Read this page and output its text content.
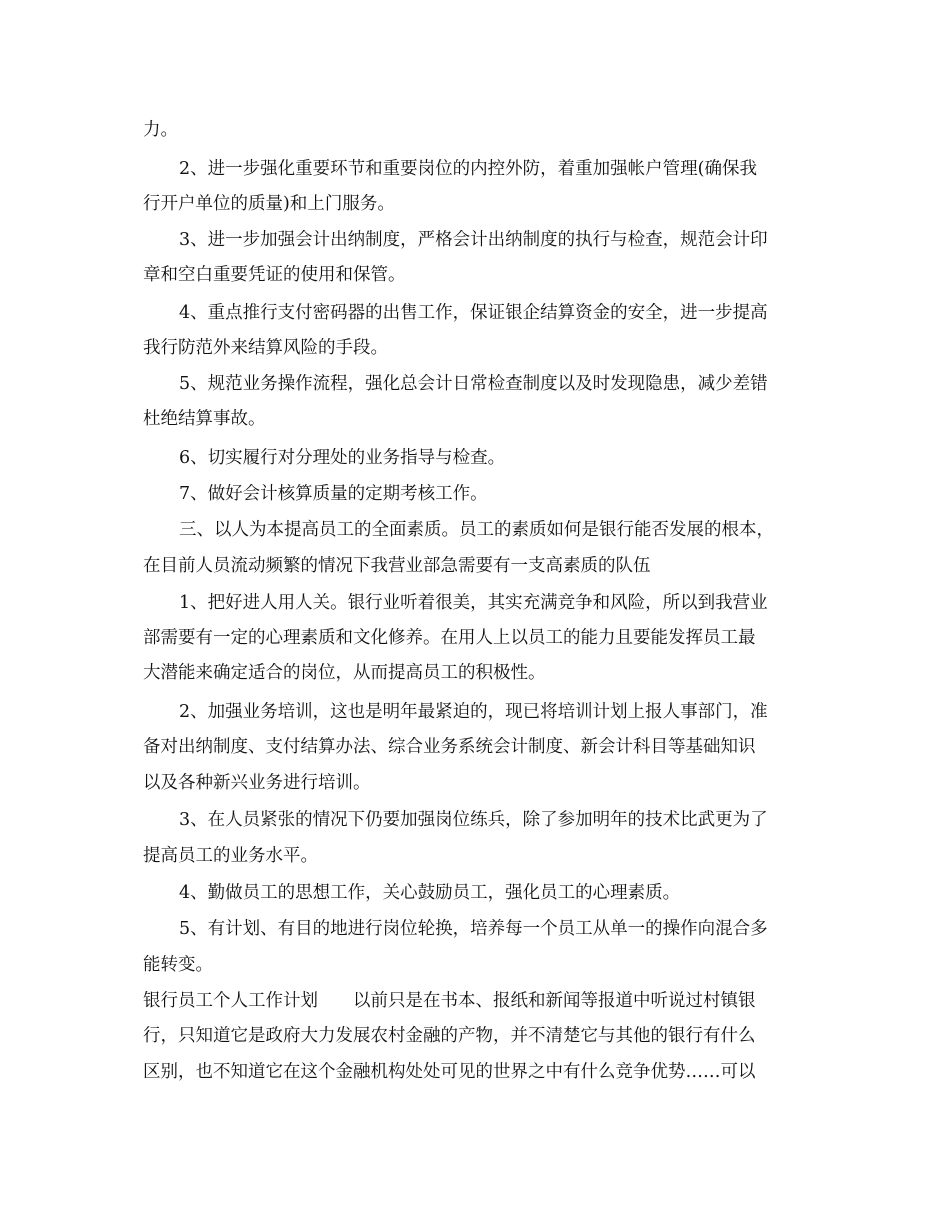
力。
2、进一步强化重要环节和重要岗位的内控外防，着重加强帐户管理(确保我
行开户单位的质量)和上门服务。
3、进一步加强会计出纳制度，严格会计出纳制度的执行与检查，规范会计印
章和空白重要凭证的使用和保管。
4、重点推行支付密码器的出售工作，保证银企结算资金的安全，进一步提高
我行防范外来结算风险的手段。
5、规范业务操作流程，强化总会计日常检查制度以及时发现隐患，减少差错
杜绝结算事故。
6、切实履行对分理处的业务指导与检查。
7、做好会计核算质量的定期考核工作。
三、以人为本提高员工的全面素质。员工的素质如何是银行能否发展的根本，
在目前人员流动频繁的情况下我营业部急需要有一支高素质的队伍
1、把好进人用人关。银行业听着很美，其实充满竞争和风险，所以到我营业
部需要有一定的心理素质和文化修养。在用人上以员工的能力且要能发挥员工最
大潜能来确定适合的岗位，从而提高员工的积极性。
2、加强业务培训，这也是明年最紧迫的，现已将培训计划上报人事部门，准
备对出纳制度、支付结算办法、综合业务系统会计制度、新会计科目等基础知识
以及各种新兴业务进行培训。
3、在人员紧张的情况下仍要加强岗位练兵，除了参加明年的技术比武更为了
提高员工的业务水平。
4、勤做员工的思想工作，关心鼓励员工，强化员工的心理素质。
5、有计划、有目的地进行岗位轮换，培养每一个员工从单一的操作向混合多
能转变。
银行员工个人工作计划　　以前只是在书本、报纸和新闻等报道中听说过村镇银
行，只知道它是政府大力发展农村金融的产物，并不清楚它与其他的银行有什么
区别，也不知道它在这个金融机构处处可见的世界之中有什么竞争优势……可以
